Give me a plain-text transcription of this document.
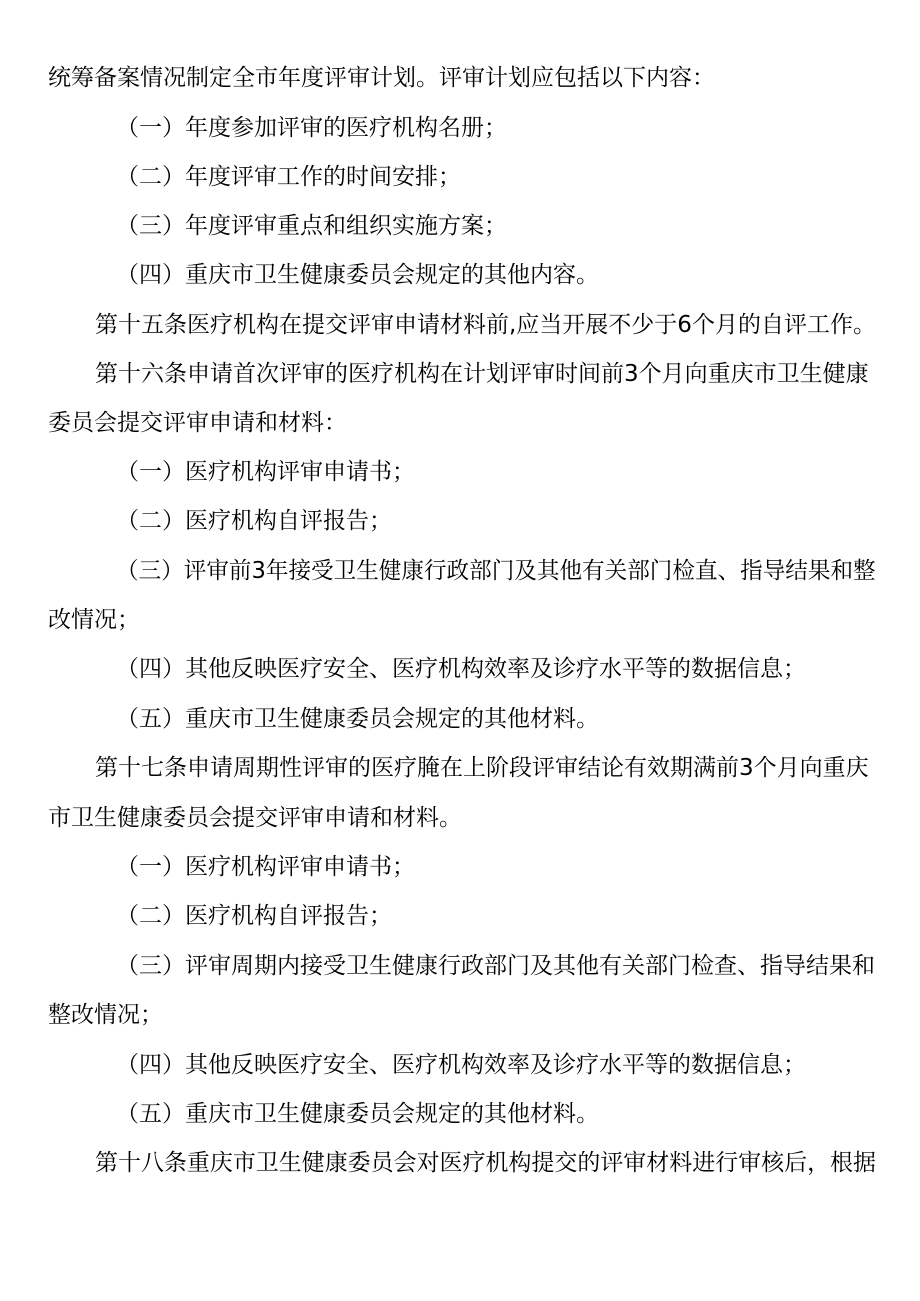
统筹备案情况制定全市年度评审计划。评审计划应包括以下内容：
（一）年度参加评审的医疗机构名册；
（二）年度评审工作的时间安排；
（三）年度评审重点和组织实施方案；
（四）重庆市卫生健康委员会规定的其他内容。
第十五条医疗机构在提交评审申请材料前,应当开展不少于6个月的自评工作。
第十六条申请首次评审的医疗机构在计划评审时间前3个月向重庆市卫生健康
委员会提交评审申请和材料：
（一）医疗机构评审申请书；
（二）医疗机构自评报告；
（三）评审前3年接受卫生健康行政部门及其他有关部门检直、指导结果和整
改情况；
（四）其他反映医疗安全、医疗机构效率及诊疗水平等的数据信息；
（五）重庆市卫生健康委员会规定的其他材料。
第十七条申请周期性评审的医疗腌在上阶段评审结论有效期满前3个月向重庆
市卫生健康委员会提交评审申请和材料。
（一）医疗机构评审申请书；
（二）医疗机构自评报告；
（三）评审周期内接受卫生健康行政部门及其他有关部门检查、指导结果和
整改情况；
（四）其他反映医疗安全、医疗机构效率及诊疗水平等的数据信息；
（五）重庆市卫生健康委员会规定的其他材料。
第十八条重庆市卫生健康委员会对医疗机构提交的评审材料进行审核后，根据
